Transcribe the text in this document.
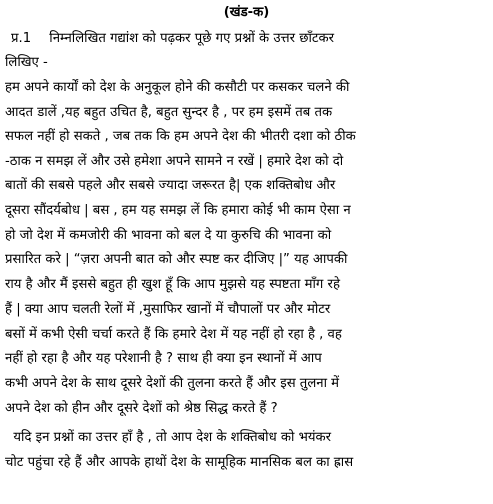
(खंड-क)
प्र.1 निम्नलिखित गद्यांश को पढ़कर पूछे गए प्रश्नों के उत्तर छाँटकर
लिखिए -
हम अपने कार्यों को देश के अनुकूल होने की कसौटी पर कसकर चलने की
आदत डालें ,यह बहुत उचित है, बहुत सुन्दर है , पर हम इसमें तब तक
सफल नहीं हो सकते , जब तक कि हम अपने देश की भीतरी दशा को ठीक
-ठाक न समझ लें और उसे हमेशा अपने सामने न रखें | हमारे देश को दो
बातों की सबसे पहले और सबसे ज्यादा जरूरत है| एक शक्तिबोध और
दूसरा सौंदर्यबोध | बस , हम यह समझ लें कि हमारा कोई भी काम ऐसा न
हो जो देश में कमजोरी की भावना को बल दे या कुरुचि की भावना को
प्रसारित करे | “ज़रा अपनी बात को और स्पष्ट कर दीजिए |” यह आपकी
राय है और मैं इससे बहुत ही खुश हूँ कि आप मुझसे यह स्पष्टता माँग रहे
हैं | क्या आप चलती रेलों में ,मुसाफिर खानों में चौपालों पर और मोटर
बसों में कभी ऐसी चर्चा करते हैं कि हमारे देश में यह नहीं हो रहा है , वह
नहीं हो रहा है और यह परेशानी है ? साथ ही क्या इन स्थानों में आप
कभी अपने देश के साथ दूसरे देशों की तुलना करते हैं और इस तुलना में
अपने देश को हीन और दूसरे देशों को श्रेष्ठ सिद्ध करते हैं ?
यदि इन प्रश्नों का उत्तर हाँ है , तो आप देश के शक्तिबोध को भयंकर
चोट पहुंचा रहे हैं और आपके हाथों देश के सामूहिक मानसिक बल का ह्रास
